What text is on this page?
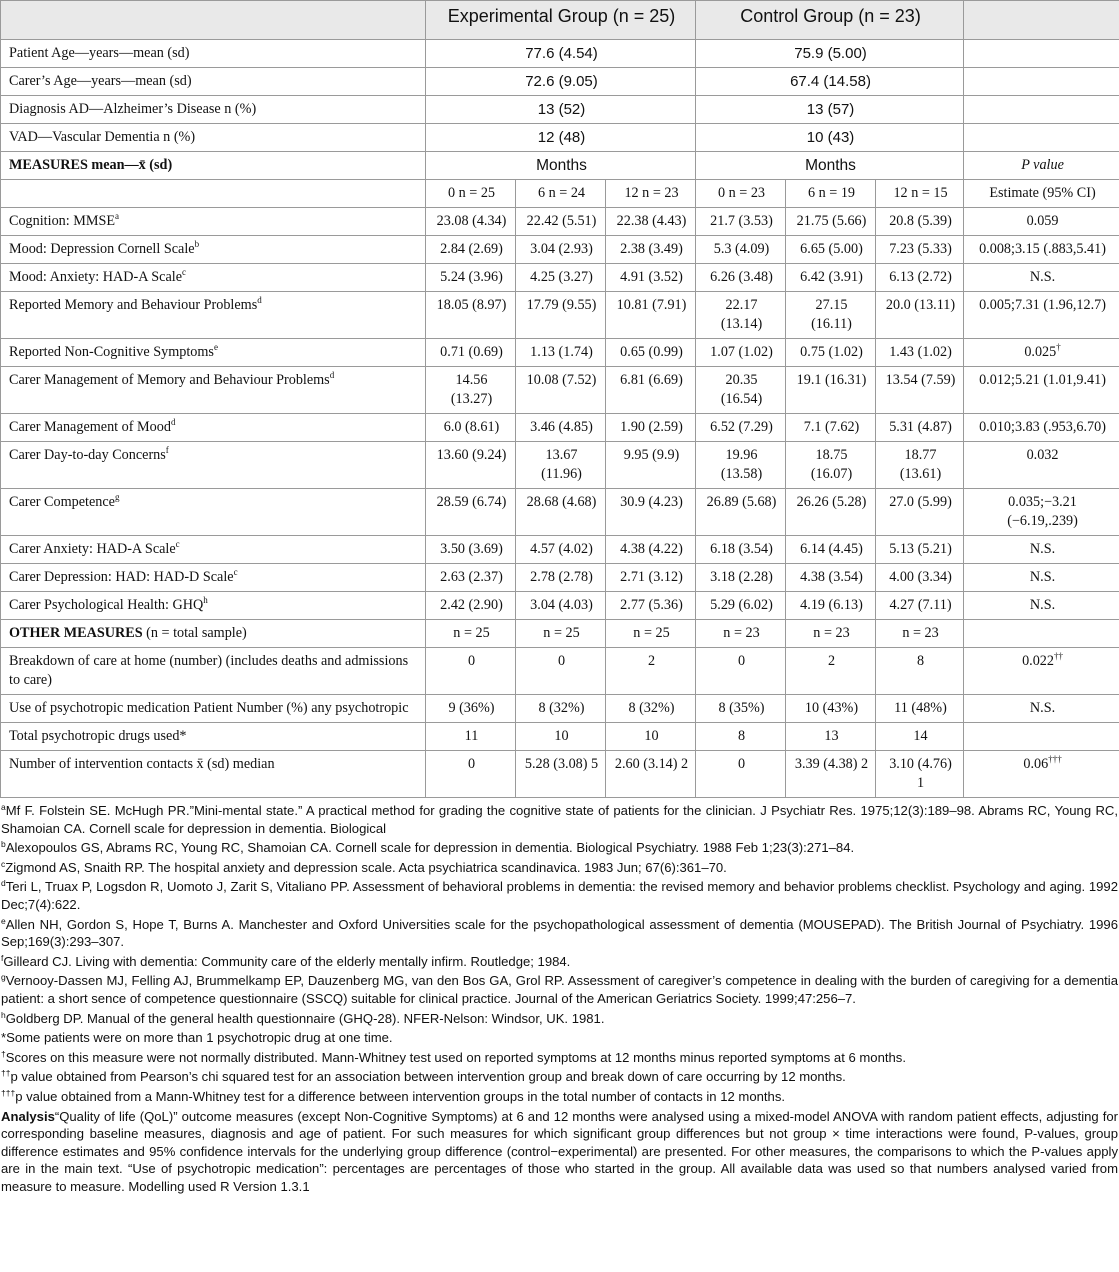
	Experimental Group (n = 25)			Control Group (n = 23)			
Patient Age—years—mean (sd)	77.6 (4.54)			75.9 (5.00)			
Carer’s Age—years—mean (sd)	72.6 (9.05)			67.4 (14.58)			
Diagnosis AD—Alzheimer’s Disease n (%)	13 (52)			13 (57)			
VAD—Vascular Dementia n (%)	12 (48)			10 (43)			
MEASURES mean—x̄ (sd)	Months			Months			P value
	0 n = 25	6 n = 24	12 n = 23	0 n = 23	6 n = 19	12 n = 15	Estimate (95% CI)
Cognition: MMSE$^a$	23.08 (4.34)	22.42 (5.51)	22.38 (4.43)	21.7 (3.53)	21.75 (5.66)	20.8 (5.39)	0.059
Mood: Depression Cornell Scale$^b$	2.84 (2.69)	3.04 (2.93)	2.38 (3.49)	5.3 (4.09)	6.65 (5.00)	7.23 (5.33)	0.008;3.15 (.883,5.41)
Mood: Anxiety: HAD-A Scale$^c$	5.24 (3.96)	4.25 (3.27)	4.91 (3.52)	6.26 (3.48)	6.42 (3.91)	6.13 (2.72)	N.S.
Reported Memory and Behaviour Problems$^d$	18.05 (8.97)	17.79 (9.55)	10.81 (7.91)	22.17 (13.14)	27.15 (16.11)	20.0 (13.11)	0.005;7.31 (1.96,12.7)
Reported Non-Cognitive Symptoms$^e$	0.71 (0.69)	1.13 (1.74)	0.65 (0.99)	1.07 (1.02)	0.75 (1.02)	1.43 (1.02)	0.025†
Carer Management of Memory and Behaviour Problems$^d$	14.56 (13.27)	10.08 (7.52)	6.81 (6.69)	20.35 (16.54)	19.1 (16.31)	13.54 (7.59)	0.012;5.21 (1.01,9.41)
Carer Management of Mood$^d$	6.0 (8.61)	3.46 (4.85)	1.90 (2.59)	6.52 (7.29)	7.1 (7.62)	5.31 (4.87)	0.010;3.83 (.953,6.70)
Carer Day-to-day Concerns$^f$	13.60 (9.24)	13.67 (11.96)	9.95 (9.9)	19.96 (13.58)	18.75 (16.07)	18.77 (13.61)	0.032
Carer Competence$^g$	28.59 (6.74)	28.68 (4.68)	30.9 (4.23)	26.89 (5.68)	26.26 (5.28)	27.0 (5.99)	0.035;−3.21 (−6.19,.239)
Carer Anxiety: HAD-A Scale$^c$	3.50 (3.69)	4.57 (4.02)	4.38 (4.22)	6.18 (3.54)	6.14 (4.45)	5.13 (5.21)	N.S.
Carer Depression: HAD: HAD-D Scale$^c$	2.63 (2.37)	2.78 (2.78)	2.71 (3.12)	3.18 (2.28)	4.38 (3.54)	4.00 (3.34)	N.S.
Carer Psychological Health: GHQ$^h$	2.42 (2.90)	3.04 (4.03)	2.77 (5.36)	5.29 (6.02)	4.19 (6.13)	4.27 (7.11)	N.S.
OTHER MEASURES (n = total sample)	n = 25	n = 25	n = 25	n = 23	n = 23	n = 23	
Breakdown of care at home (number) (includes deaths and admissions to care)	0	0	2	0	2	8	0.022††
Use of psychotropic medication Patient Number (%) any psychotropic	9 (36%)	8 (32%)	8 (32%)	8 (35%)	10 (43%)	11 (48%)	N.S.
Total psychotropic drugs used*	11	10	10	8	13	14	
Number of intervention contacts x̄ (sd) median	0	5.28 (3.08) 5	2.60 (3.14) 2	0	3.39 (4.38) 2	3.10 (4.76) 1	0.06†††

$^a$Mf F. Folstein SE. McHugh PR.”Mini-mental state.” A practical method for grading the cognitive state of patients for the clinician. J Psychiatr Res. 1975;12(3):189–98. Abrams RC, Young RC, Shamoian CA. Cornell scale for depression in dementia. Biological

$^b$Alexopoulos GS, Abrams RC, Young RC, Shamoian CA. Cornell scale for depression in dementia. Biological Psychiatry. 1988 Feb 1;23(3):271–84.

$^c$Zigmond AS, Snaith RP. The hospital anxiety and depression scale. Acta psychiatrica scandinavica. 1983 Jun; 67(6):361–70.

$^d$Teri L, Truax P, Logsdon R, Uomoto J, Zarit S, Vitaliano PP. Assessment of behavioral problems in dementia: the revised memory and behavior problems checklist. Psychology and aging. 1992 Dec;7(4):622.

$^e$Allen NH, Gordon S, Hope T, Burns A. Manchester and Oxford Universities scale for the psychopathological assessment of dementia (MOUSEPAD). The British Journal of Psychiatry. 1996 Sep;169(3):293–307.

$^f$Gilleard CJ. Living with dementia: Community care of the elderly mentally infirm. Routledge; 1984.

$^g$Vernooy-Dassen MJ, Felling AJ, Brummelkamp EP, Dauzenberg MG, van den Bos GA, Grol RP. Assessment of caregiver’s competence in dealing with the burden of caregiving for a dementia patient: a short sence of competence questionnaire (SSCQ) suitable for clinical practice. Journal of the American Geriatrics Society. 1999;47:256–7.

$^h$Goldberg DP. Manual of the general health questionnaire (GHQ-28). NFER-Nelson: Windsor, UK. 1981.

*Some patients were on more than 1 psychotropic drug at one time.

†Scores on this measure were not normally distributed. Mann-Whitney test used on reported symptoms at 12 months minus reported symptoms at 6 months.

††p value obtained from Pearson’s chi squared test for an association between intervention group and break down of care occurring by 12 months.

†††p value obtained from a Mann-Whitney test for a difference between intervention groups in the total number of contacts in 12 months.

Analysis“Quality of life (QoL)” outcome measures (except Non-Cognitive Symptoms) at 6 and 12 months were analysed using a mixed-model ANOVA with random patient effects, adjusting for corresponding baseline measures, diagnosis and age of patient. For such measures for which significant group differences but not group × time interactions were found, P-values, group difference estimates and 95% confidence intervals for the underlying group difference (control−experimental) are presented. For other measures, the comparisons to which the P-values apply are in the main text. “Use of psychotropic medication”: percentages are percentages of those who started in the group. All available data was used so that numbers analysed varied from measure to measure. Modelling used R Version 1.3.1
